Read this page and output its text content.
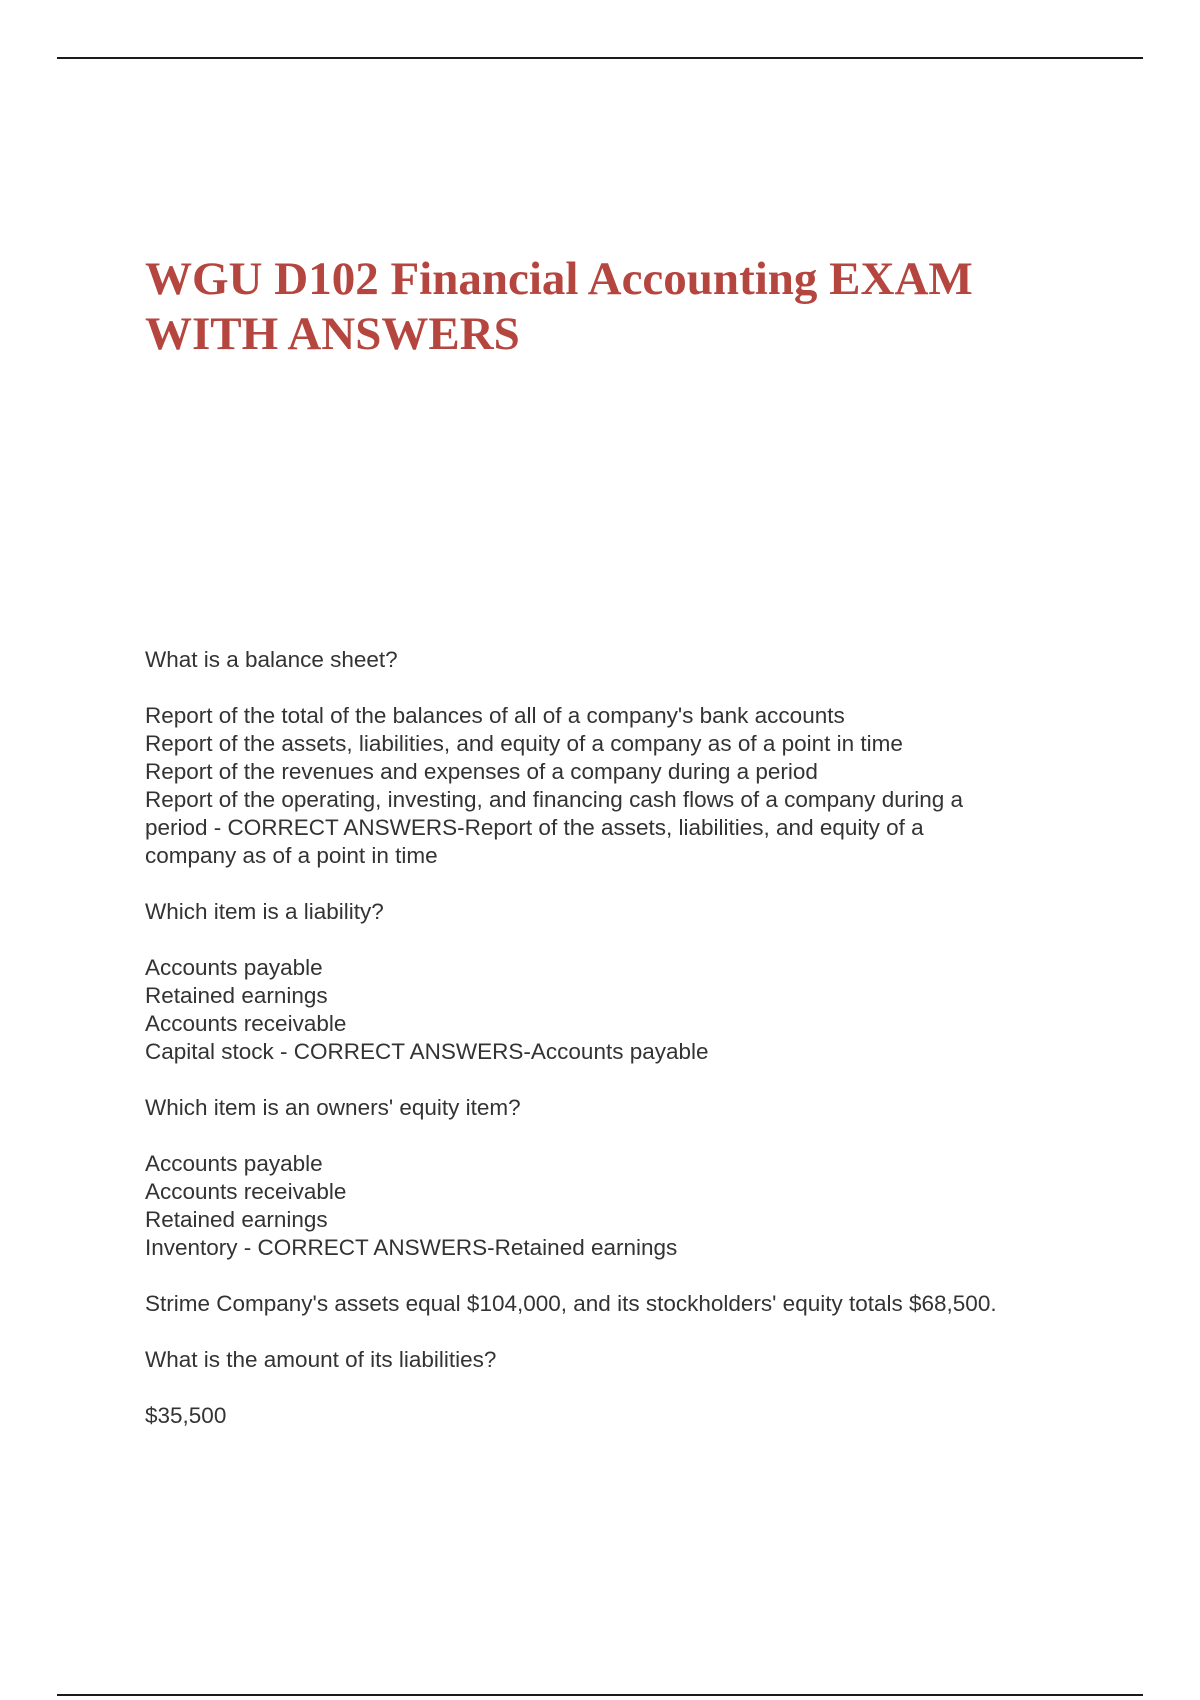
WGU D102 Financial Accounting EXAM
WITH ANSWERS

What is a balance sheet?

Report of the total of the balances of all of a company's bank accounts
Report of the assets, liabilities, and equity of a company as of a point in time
Report of the revenues and expenses of a company during a period
Report of the operating, investing, and financing cash flows of a company during a
period - CORRECT ANSWERS-Report of the assets, liabilities, and equity of a
company as of a point in time

Which item is a liability?

Accounts payable
Retained earnings
Accounts receivable
Capital stock - CORRECT ANSWERS-Accounts payable

Which item is an owners' equity item?

Accounts payable
Accounts receivable
Retained earnings
Inventory - CORRECT ANSWERS-Retained earnings

Strime Company's assets equal $104,000, and its stockholders' equity totals $68,500.

What is the amount of its liabilities?

$35,500
